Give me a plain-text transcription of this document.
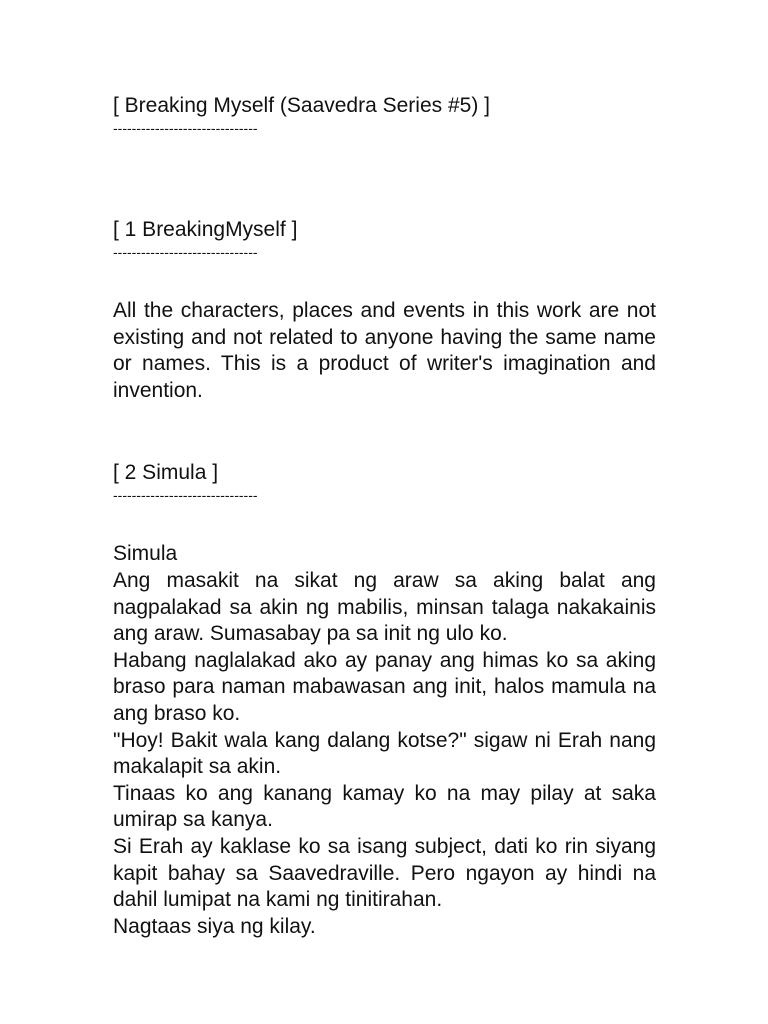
[ Breaking Myself (Saavedra Series #5) ]

-------------------------------

[ 1 BreakingMyself ]

-------------------------------

All the characters, places and events in this work are not existing and not related to anyone having the same name or names. This is a product of writer's imagination and invention.

[ 2 Simula ]

-------------------------------

Simula

Ang masakit na sikat ng araw sa aking balat ang nagpalakad sa akin ng mabilis, minsan talaga nakakainis ang araw. Sumasabay pa sa init ng ulo ko.

Habang naglalakad ako ay panay ang himas ko sa aking braso para naman mabawasan ang init, halos mamula na ang braso ko.

"Hoy! Bakit wala kang dalang kotse?" sigaw ni Erah nang makalapit sa akin.

Tinaas ko ang kanang kamay ko na may pilay at saka umirap sa kanya.

Si Erah ay kaklase ko sa isang subject, dati ko rin siyang kapit bahay sa Saavedraville. Pero ngayon ay hindi na dahil lumipat na kami ng tinitirahan.

Nagtaas siya ng kilay.
